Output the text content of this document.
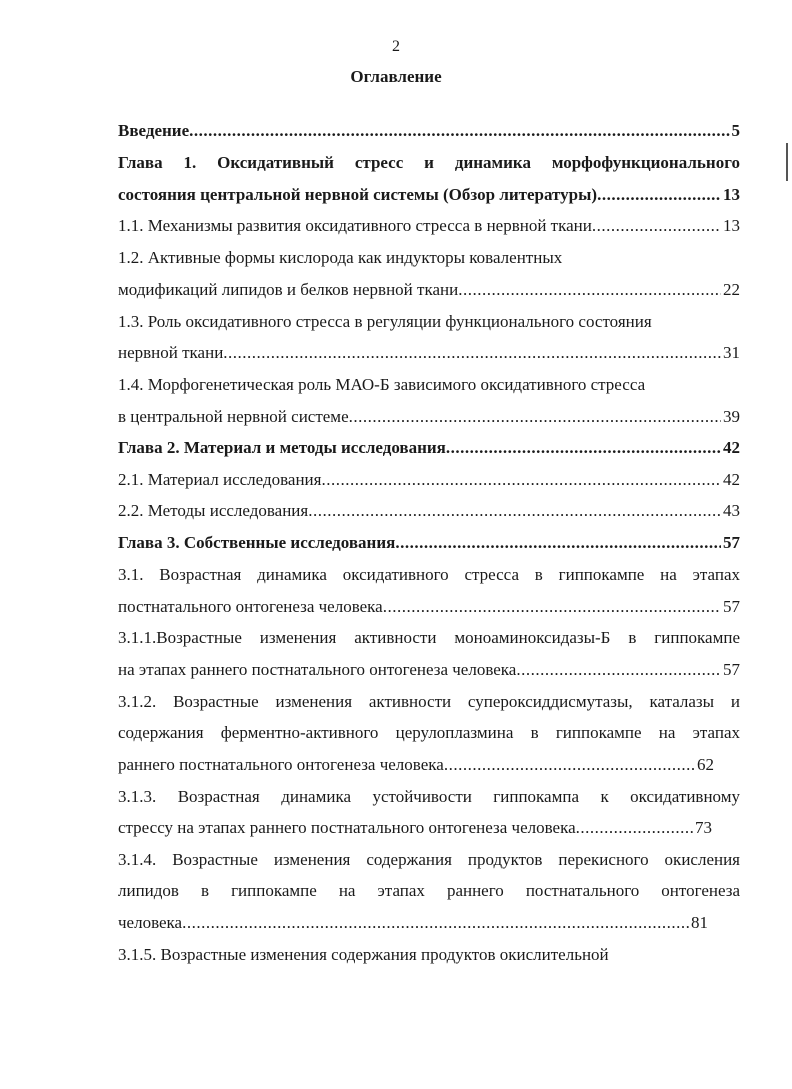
2
Оглавление
Введение .....	5
Глава 1. Оксидативный стресс и динамика морфофункционального
состояния центральной нервной системы (Обзор литературы) .....	13
1.1. Механизмы развития оксидативного стресса в нервной ткани .....	13
1.2. Активные формы кислорода как индукторы ковалентных
модификаций липидов и белков нервной ткани .....	22
1.3. Роль оксидативного стресса в регуляции функционального состояния
нервной ткани .....	31
1.4. Морфогенетическая роль МАО-Б зависимого оксидативного стресса
в центральной нервной системе .....	39
Глава 2. Материал и методы исследования .....	42
2.1. Материал исследования .....	42
2.2. Методы исследования .....	43
Глава 3. Собственные исследования .....	57
3.1. Возрастная динамика оксидативного стресса в гиппокампе на этапах
постнатального онтогенеза человека .....	57
3.1.1.Возрастные изменения активности моноаминоксидазы-Б в гиппокампе
на этапах раннего постнатального онтогенеза человека .....	57
3.1.2. Возрастные изменения активности супероксиддисмутазы, каталазы и
содержания ферментно-активного церулоплазмина в гиппокампе на этапах
раннего постнатального онтогенеза человека .....	62
3.1.3. Возрастная динамика устойчивости гиппокампа к оксидативному
стрессу на этапах раннего постнатального онтогенеза человека .....	73
3.1.4. Возрастные изменения содержания продуктов перекисного окисления
липидов в гиппокампе на этапах раннего постнатального онтогенеза
человека .....	81
3.1.5. Возрастные изменения содержания продуктов окислительной
